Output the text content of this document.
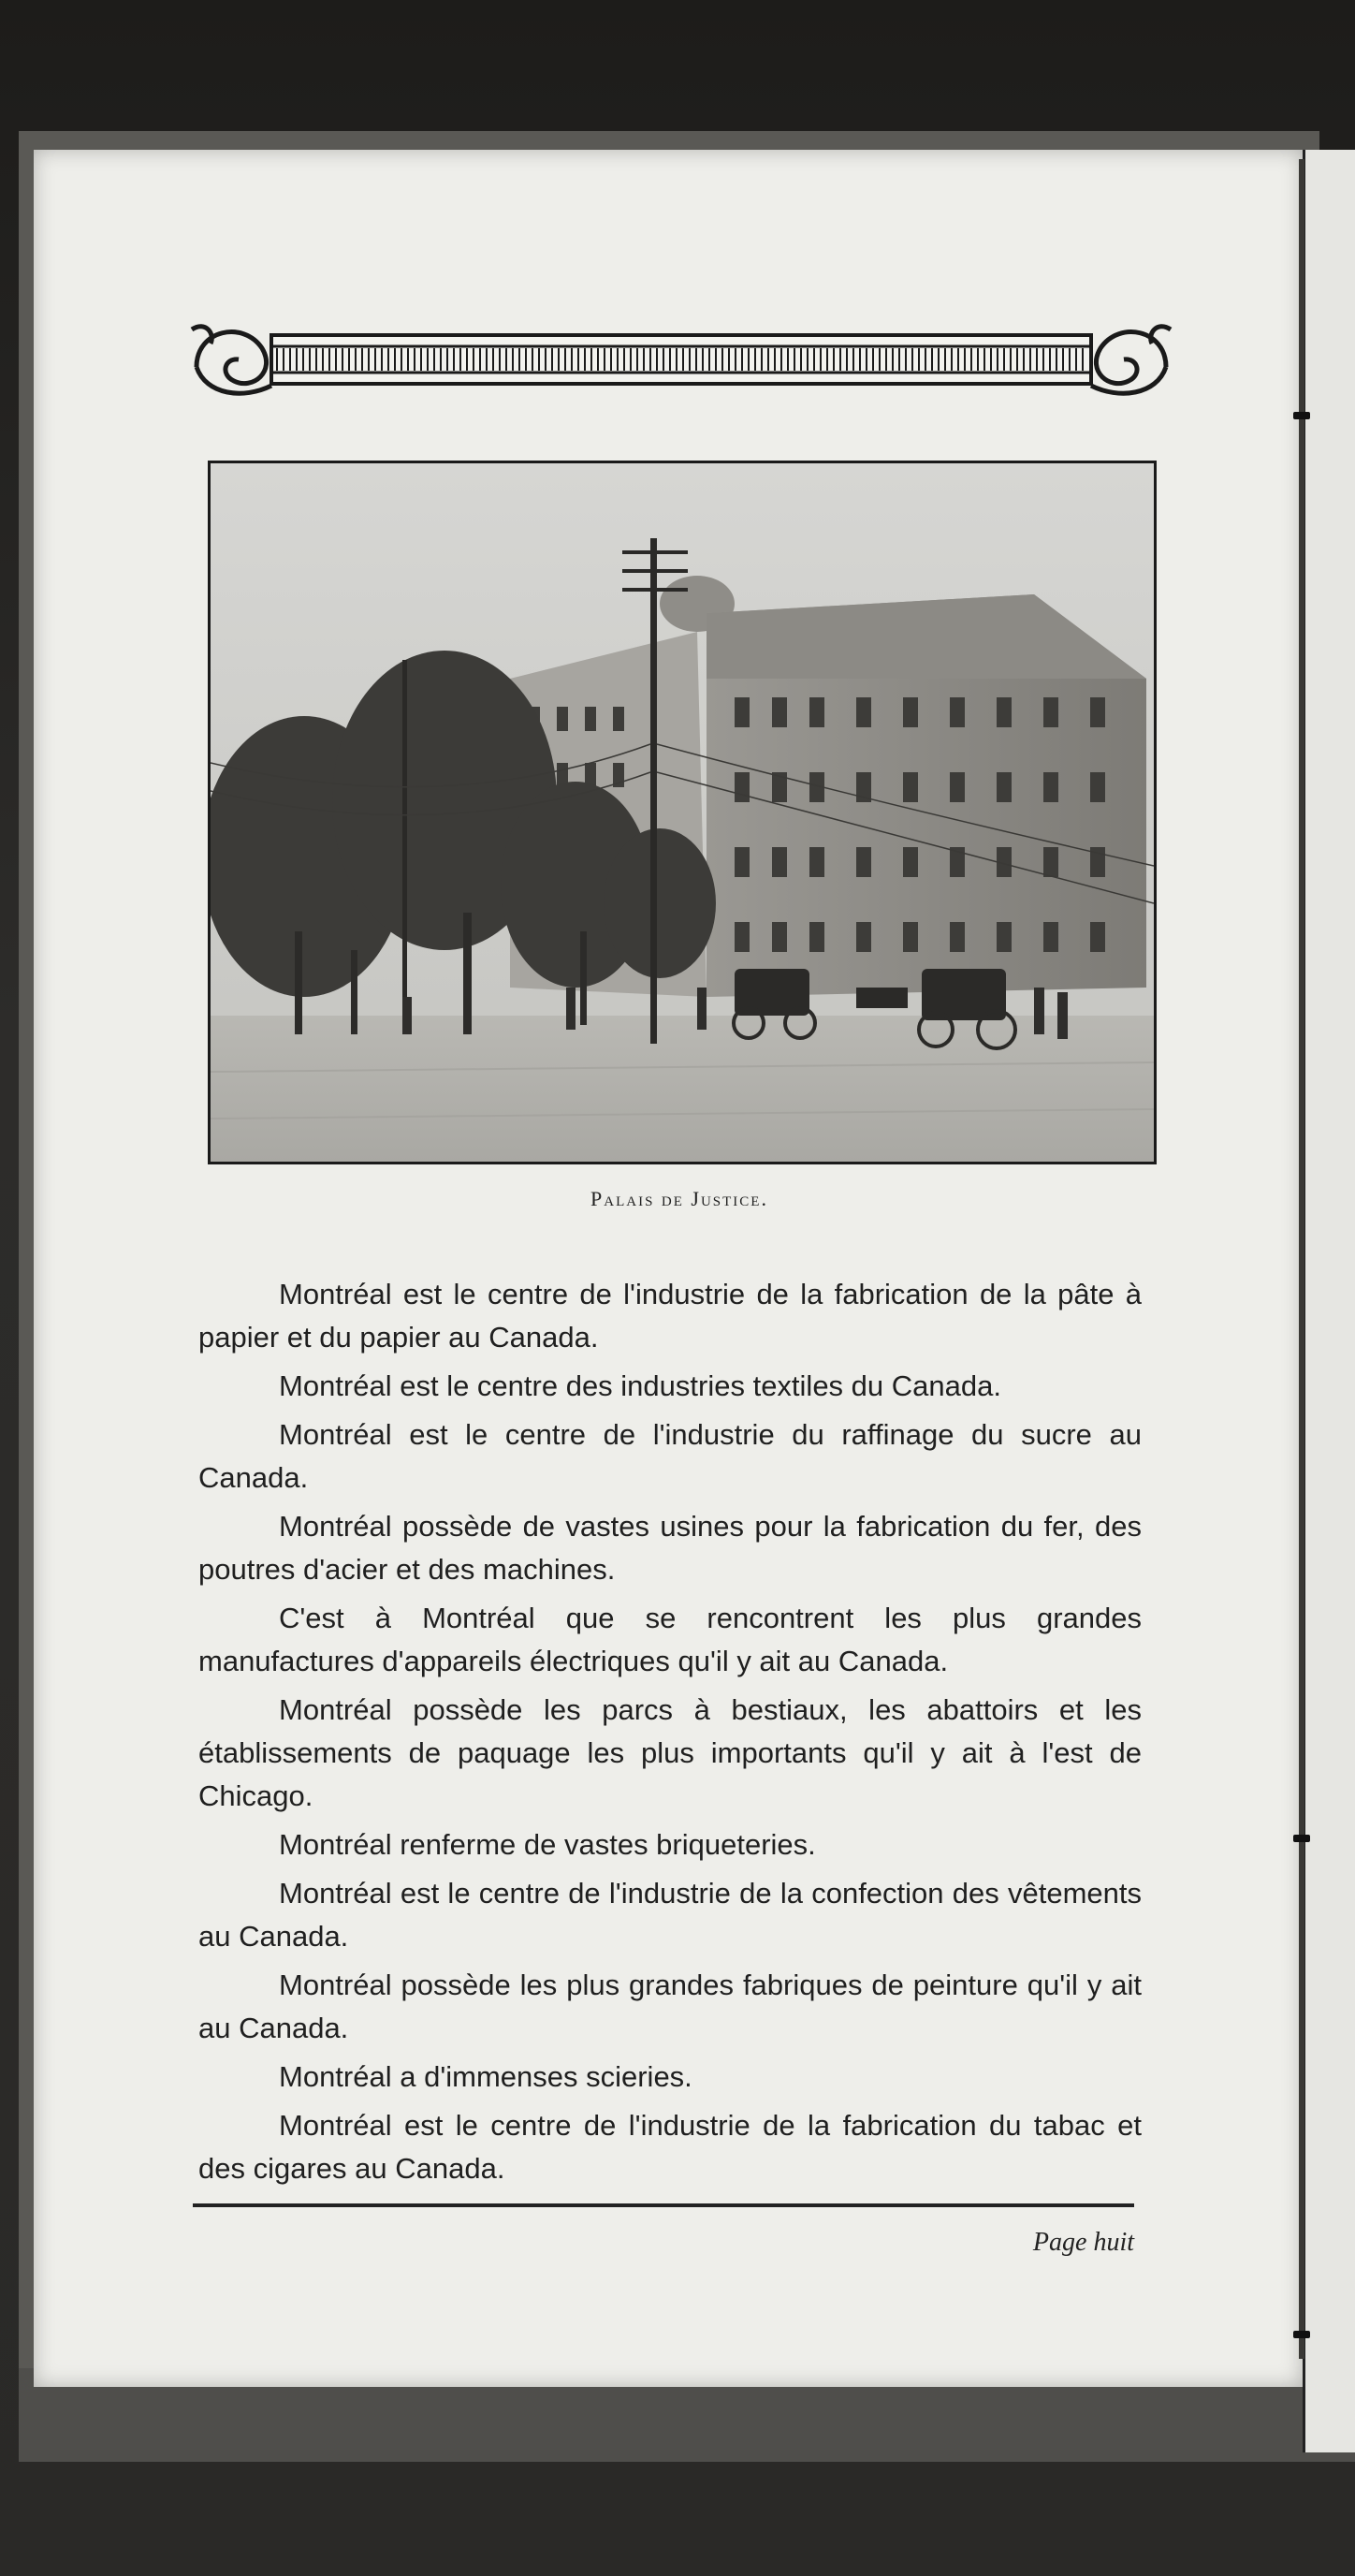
Palais de Justice.

Montréal est le centre de l'industrie de la fabrication de la pâte à papier et du papier au Canada.

Montréal est le centre des industries textiles du Canada.

Montréal est le centre de l'industrie du raffinage du sucre au Canada.

Montréal possède de vastes usines pour la fabrication du fer, des poutres d'acier et des machines.

C'est à Montréal que se rencontrent les plus grandes manufactures d'appareils électriques qu'il y ait au Canada.

Montréal possède les parcs à bestiaux, les abattoirs et les établissements de paquage les plus importants qu'il y ait à l'est de Chicago.

Montréal renferme de vastes briqueteries.

Montréal est le centre de l'industrie de la confection des vêtements au Canada.

Montréal possède les plus grandes fabriques de peinture qu'il y ait au Canada.

Montréal a d'immenses scieries.

Montréal est le centre de l'industrie de la fabrication du tabac et des cigares au Canada.

Page huit
